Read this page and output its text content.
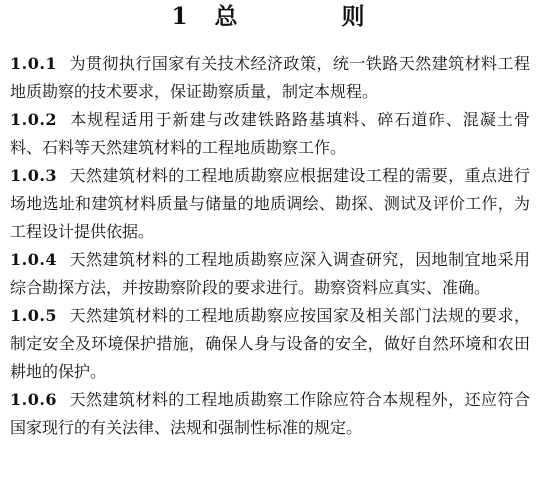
1 总 则

1.0.1 为贯彻执行国家有关技术经济政策，统一铁路天然建筑材料工程地质勘察的技术要求，保证勘察质量，制定本规程。

1.0.2 本规程适用于新建与改建铁路路基填料、碎石道砟、混凝土骨料、石料等天然建筑材料的工程地质勘察工作。

1.0.3 天然建筑材料的工程地质勘察应根据建设工程的需要，重点进行场地选址和建筑材料质量与储量的地质调绘、勘探、测试及评价工作，为工程设计提供依据。

1.0.4 天然建筑材料的工程地质勘察应深入调查研究，因地制宜地采用综合勘探方法，并按勘察阶段的要求进行。勘察资料应真实、准确。

1.0.5 天然建筑材料的工程地质勘察应按国家及相关部门法规的要求，制定安全及环境保护措施，确保人身与设备的安全，做好自然环境和农田耕地的保护。

1.0.6 天然建筑材料的工程地质勘察工作除应符合本规程外，还应符合国家现行的有关法律、法规和强制性标准的规定。
